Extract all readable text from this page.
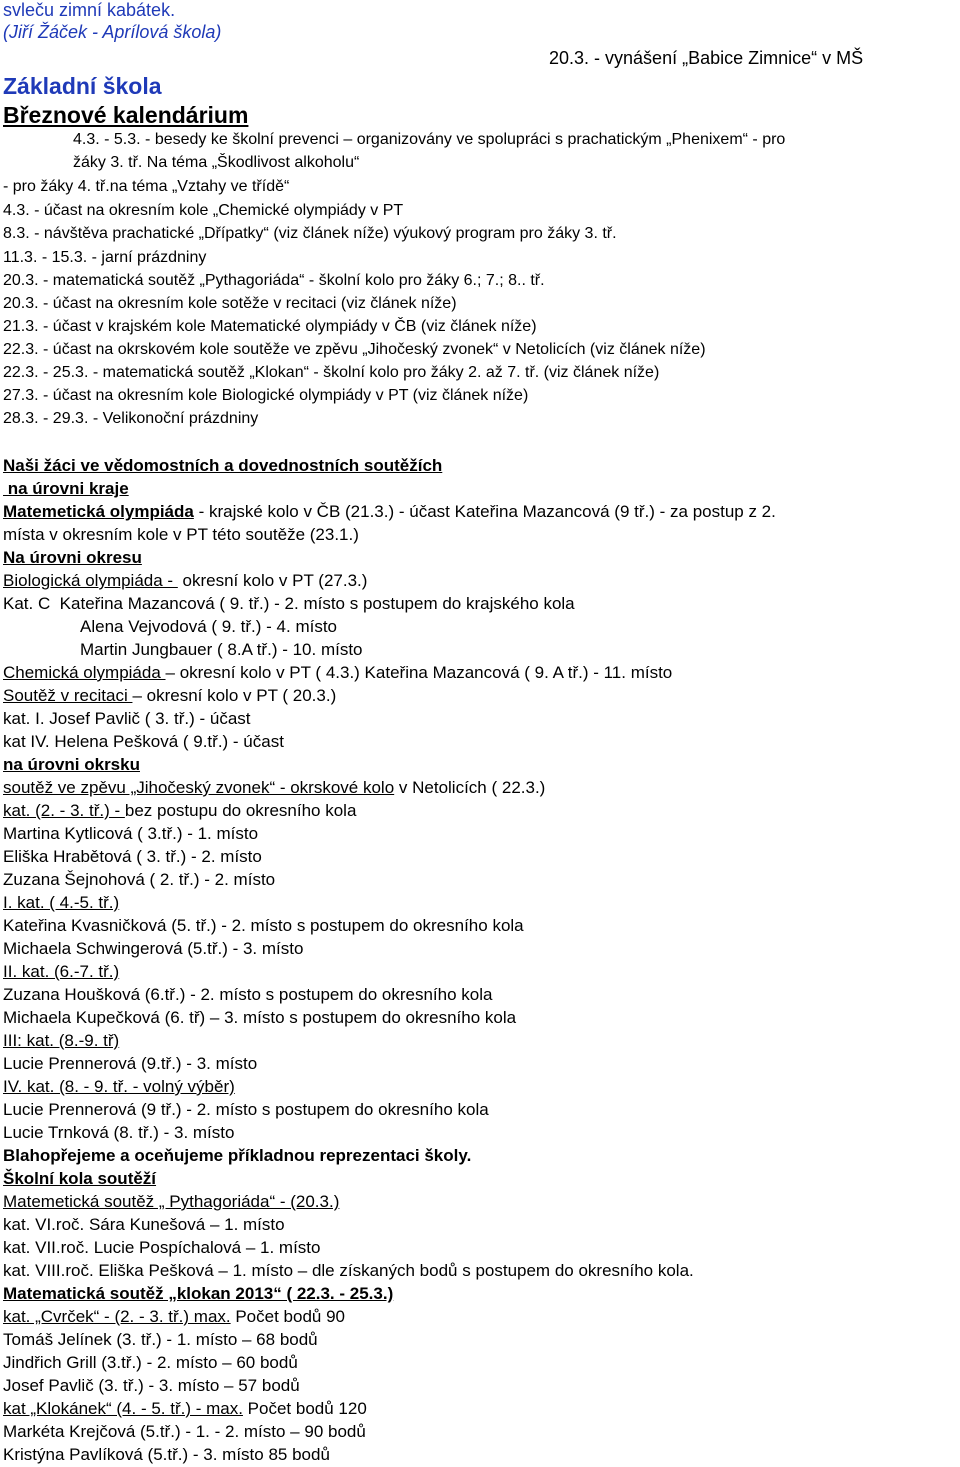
svleču zimní kabátek.
(Jiří Žáček - Aprílová škola)
20.3. - vynášení „Babice Zimnice“ v MŠ
Základní škola
Březnové kalendárium
4.3. - 5.3. - besedy ke školní prevenci – organizovány ve spolupráci s prachatickým „Phenixem“ - pro
žáky 3. tř. Na téma „Škodlivost alkoholu“
- pro žáky 4. tř.na téma „Vztahy ve třídě“
4.3. - účast na okresním kole „Chemické olympiády v PT
8.3. - návštěva prachatické „Dřípatky“ (viz článek níže) výukový program pro žáky 3. tř.
11.3. - 15.3. - jarní prázdniny
20.3. - matematická soutěž „Pythagoriáda“ - školní kolo pro žáky 6.; 7.; 8.. tř.
20.3. - účast na okresním kole sotěže v recitaci (viz článek níže)
21.3. - účast v krajském kole Matematické olympiády v ČB (viz článek níže)
22.3. - účast na okrskovém kole soutěže ve zpěvu „Jihočeský zvonek“ v Netolicích (viz článek níže)
22.3. - 25.3. - matematická soutěž „Klokan“ - školní kolo pro žáky 2. až 7. tř. (viz článek níže)
27.3. - účast na okresním kole Biologické olympiády v PT (viz článek níže)
28.3. - 29.3. - Velikonoční prázdniny
Naši žáci ve vědomostních a dovednostních soutěžích
na úrovni kraje
Matemetická olympiáda - krajské kolo v ČB (21.3.) - účast Kateřina Mazancová (9 tř.) - za postup z 2.
místa v okresním kole v PT této soutěže (23.1.)
Na úrovni okresu
Biologická olympiáda -  okresní kolo v PT (27.3.)
Kat. C  Kateřina Mazancová ( 9. tř.) - 2. místo s postupem do krajského kola
Alena Vejvodová ( 9. tř.) - 4. místo
Martin Jungbauer ( 8.A tř.) - 10. místo
Chemická olympiáda – okresní kolo v PT ( 4.3.) Kateřina Mazancová ( 9. A tř.) - 11. místo
Soutěž v recitaci – okresní kolo v PT ( 20.3.)
kat. I. Josef Pavlič ( 3. tř.) - účast
kat IV. Helena Pešková ( 9.tř.) - účast
na úrovni okrsku
soutěž ve zpěvu „Jihočeský zvonek“ - okrskové kolo v Netolicích ( 22.3.)
kat. (2. - 3. tř.) - bez postupu do okresního kola
Martina Kytlicová ( 3.tř.) - 1. místo
Eliška Hrabětová ( 3. tř.) - 2. místo
Zuzana Šejnohová ( 2. tř.) - 2. místo
I. kat. ( 4.-5. tř.)
Kateřina Kvasničková (5. tř.) - 2. místo s postupem do okresního kola
Michaela Schwingerová (5.tř.) - 3. místo
II. kat. (6.-7. tř.)
Zuzana Houšková (6.tř.) - 2. místo s postupem do okresního kola
Michaela Kupečková (6. tř) – 3. místo s postupem do okresního kola
III: kat. (8.-9. tř)
Lucie Prennerová (9.tř.) - 3. místo
IV. kat. (8. - 9. tř. - volný výběr)
Lucie Prennerová (9 tř.) - 2. místo s postupem do okresního kola
Lucie Trnková (8. tř.) - 3. místo
Blahopřejeme a oceňujeme příkladnou reprezentaci školy.
Školní kola soutěží
Matemetická soutěž „ Pythagoriáda“ - (20.3.)
kat. VI.roč. Sára Kunešová – 1. místo
kat. VII.roč. Lucie Pospíchalová – 1. místo
kat. VIII.roč. Eliška Pešková – 1. místo – dle získaných bodů s postupem do okresního kola.
Matematická soutěž „klokan 2013“ ( 22.3. - 25.3.)
kat. „Cvrček“ - (2. - 3. tř.) max. Počet bodů 90
Tomáš Jelínek (3. tř.) - 1. místo – 68 bodů
Jindřich Grill (3.tř.) - 2. místo – 60 bodů
Josef Pavlič (3. tř.) - 3. místo – 57 bodů
kat „Klokánek“ (4. - 5. tř.) - max. Počet bodů 120
Markéta Krejčová (5.tř.) - 1. - 2. místo – 90 bodů
Kristýna Pavlíková (5.tř.) - 3. místo 85 bodů
